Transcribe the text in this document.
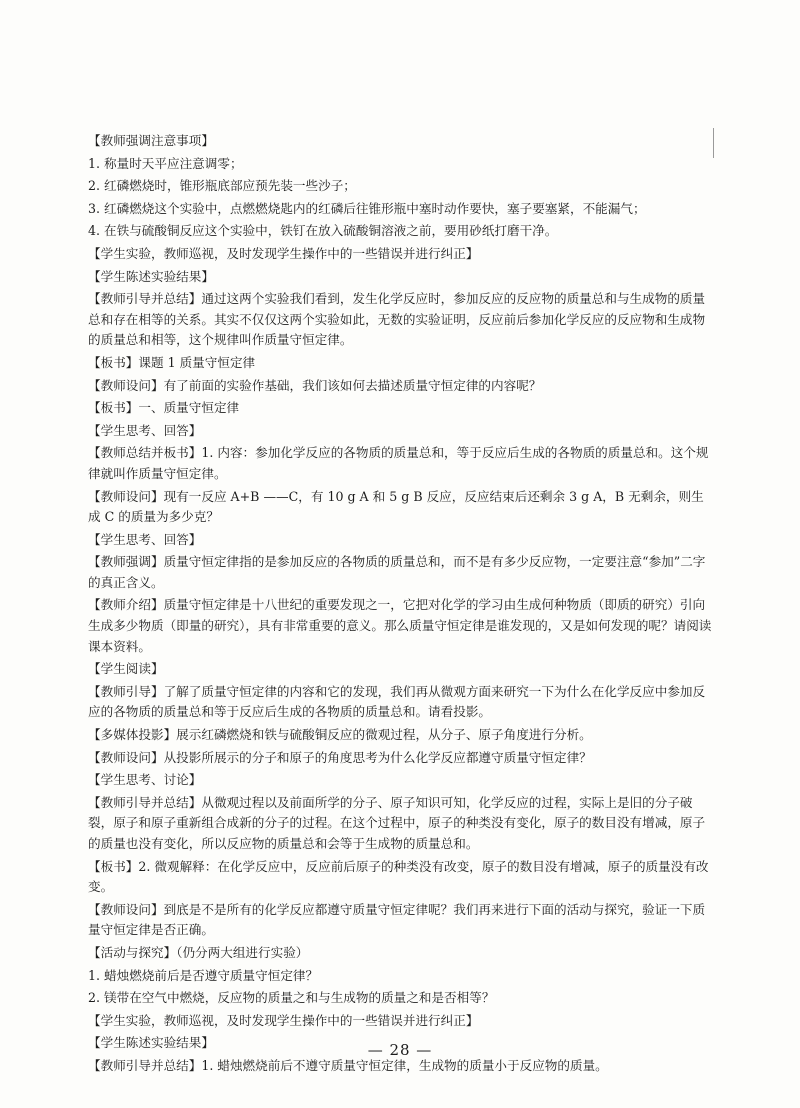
【教师强调注意事项】

1. 称量时天平应注意调零；

2. 红磷燃烧时，锥形瓶底部应预先装一些沙子；

3. 红磷燃烧这个实验中，点燃燃烧匙内的红磷后往锥形瓶中塞时动作要快，塞子要塞紧，不能漏气；

4. 在铁与硫酸铜反应这个实验中，铁钉在放入硫酸铜溶液之前，要用砂纸打磨干净。

【学生实验，教师巡视，及时发现学生操作中的一些错误并进行纠正】

【学生陈述实验结果】

【教师引导并总结】通过这两个实验我们看到，发生化学反应时，参加反应的反应物的质量总和与生成物的质量总和存在相等的关系。其实不仅仅这两个实验如此，无数的实验证明，反应前后参加化学反应的反应物和生成物的质量总和相等，这个规律叫作质量守恒定律。

【板书】课题 1 质量守恒定律

【教师设问】有了前面的实验作基础，我们该如何去描述质量守恒定律的内容呢？

【板书】一、质量守恒定律

【学生思考、回答】

【教师总结并板书】1. 内容：参加化学反应的各物质的质量总和，等于反应后生成的各物质的质量总和。这个规律就叫作质量守恒定律。

【教师设问】现有一反应 A+B ——C，有 10 g A 和 5 g B 反应，反应结束后还剩余 3 g A，B 无剩余，则生成 C 的质量为多少克？

【学生思考、回答】

【教师强调】质量守恒定律指的是参加反应的各物质的质量总和，而不是有多少反应物，一定要注意“参加”二字的真正含义。

【教师介绍】质量守恒定律是十八世纪的重要发现之一，它把对化学的学习由生成何种物质（即质的研究）引向生成多少物质（即量的研究），具有非常重要的意义。那么质量守恒定律是谁发现的，又是如何发现的呢？请阅读课本资料。

【学生阅读】

【教师引导】了解了质量守恒定律的内容和它的发现，我们再从微观方面来研究一下为什么在化学反应中参加反应的各物质的质量总和等于反应后生成的各物质的质量总和。请看投影。

【多媒体投影】展示红磷燃烧和铁与硫酸铜反应的微观过程，从分子、原子角度进行分析。

【教师设问】从投影所展示的分子和原子的角度思考为什么化学反应都遵守质量守恒定律？

【学生思考、讨论】

【教师引导并总结】从微观过程以及前面所学的分子、原子知识可知，化学反应的过程，实际上是旧的分子破裂，原子和原子重新组合成新的分子的过程。在这个过程中，原子的种类没有变化，原子的数目没有增减，原子的质量也没有变化，所以反应物的质量总和会等于生成物的质量总和。

【板书】2. 微观解释：在化学反应中，反应前后原子的种类没有改变，原子的数目没有增减，原子的质量没有改变。

【教师设问】到底是不是所有的化学反应都遵守质量守恒定律呢？我们再来进行下面的活动与探究，验证一下质量守恒定律是否正确。

【活动与探究】（仍分两大组进行实验）

1. 蜡烛燃烧前后是否遵守质量守恒定律？

2. 镁带在空气中燃烧，反应物的质量之和与生成物的质量之和是否相等？

【学生实验，教师巡视，及时发现学生操作中的一些错误并进行纠正】

【学生陈述实验结果】

【教师引导并总结】1. 蜡烛燃烧前后不遵守质量守恒定律，生成物的质量小于反应物的质量。

— 28 —
